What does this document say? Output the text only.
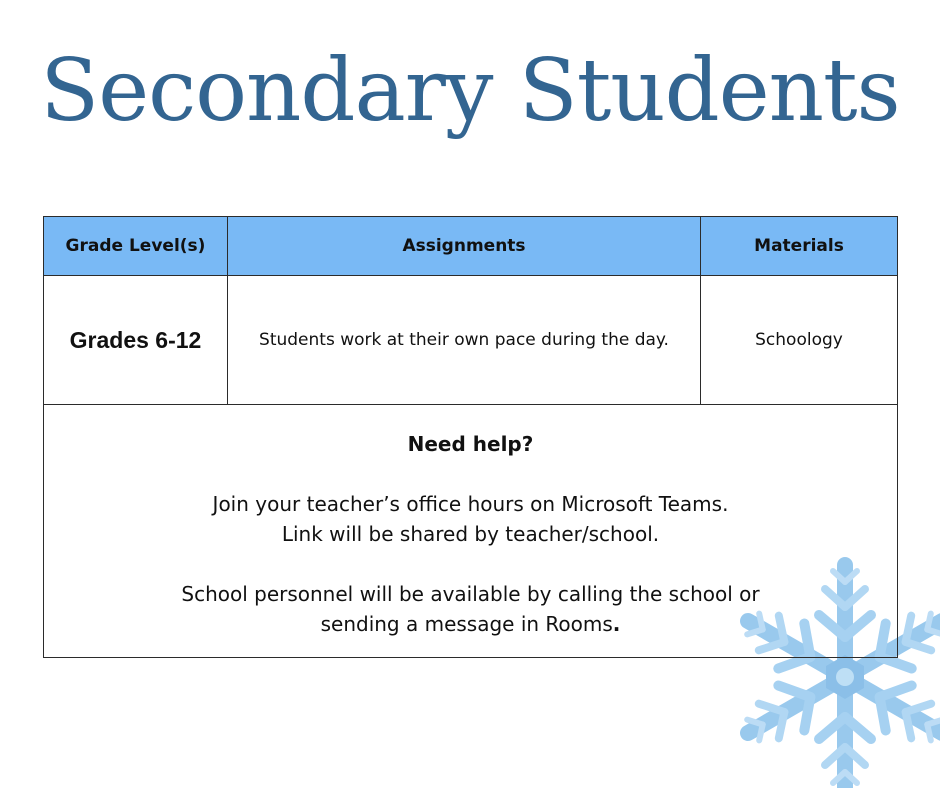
Secondary Students
Grade Level(s)	Assignments	Materials
Grades 6-12	Students work at their own pace during the day.	Schoology

Need help?
Join your teacher’s office hours on Microsoft Teams.
Link will be shared by teacher/school.
School personnel will be available by calling the school or
sending a message in Rooms.		
